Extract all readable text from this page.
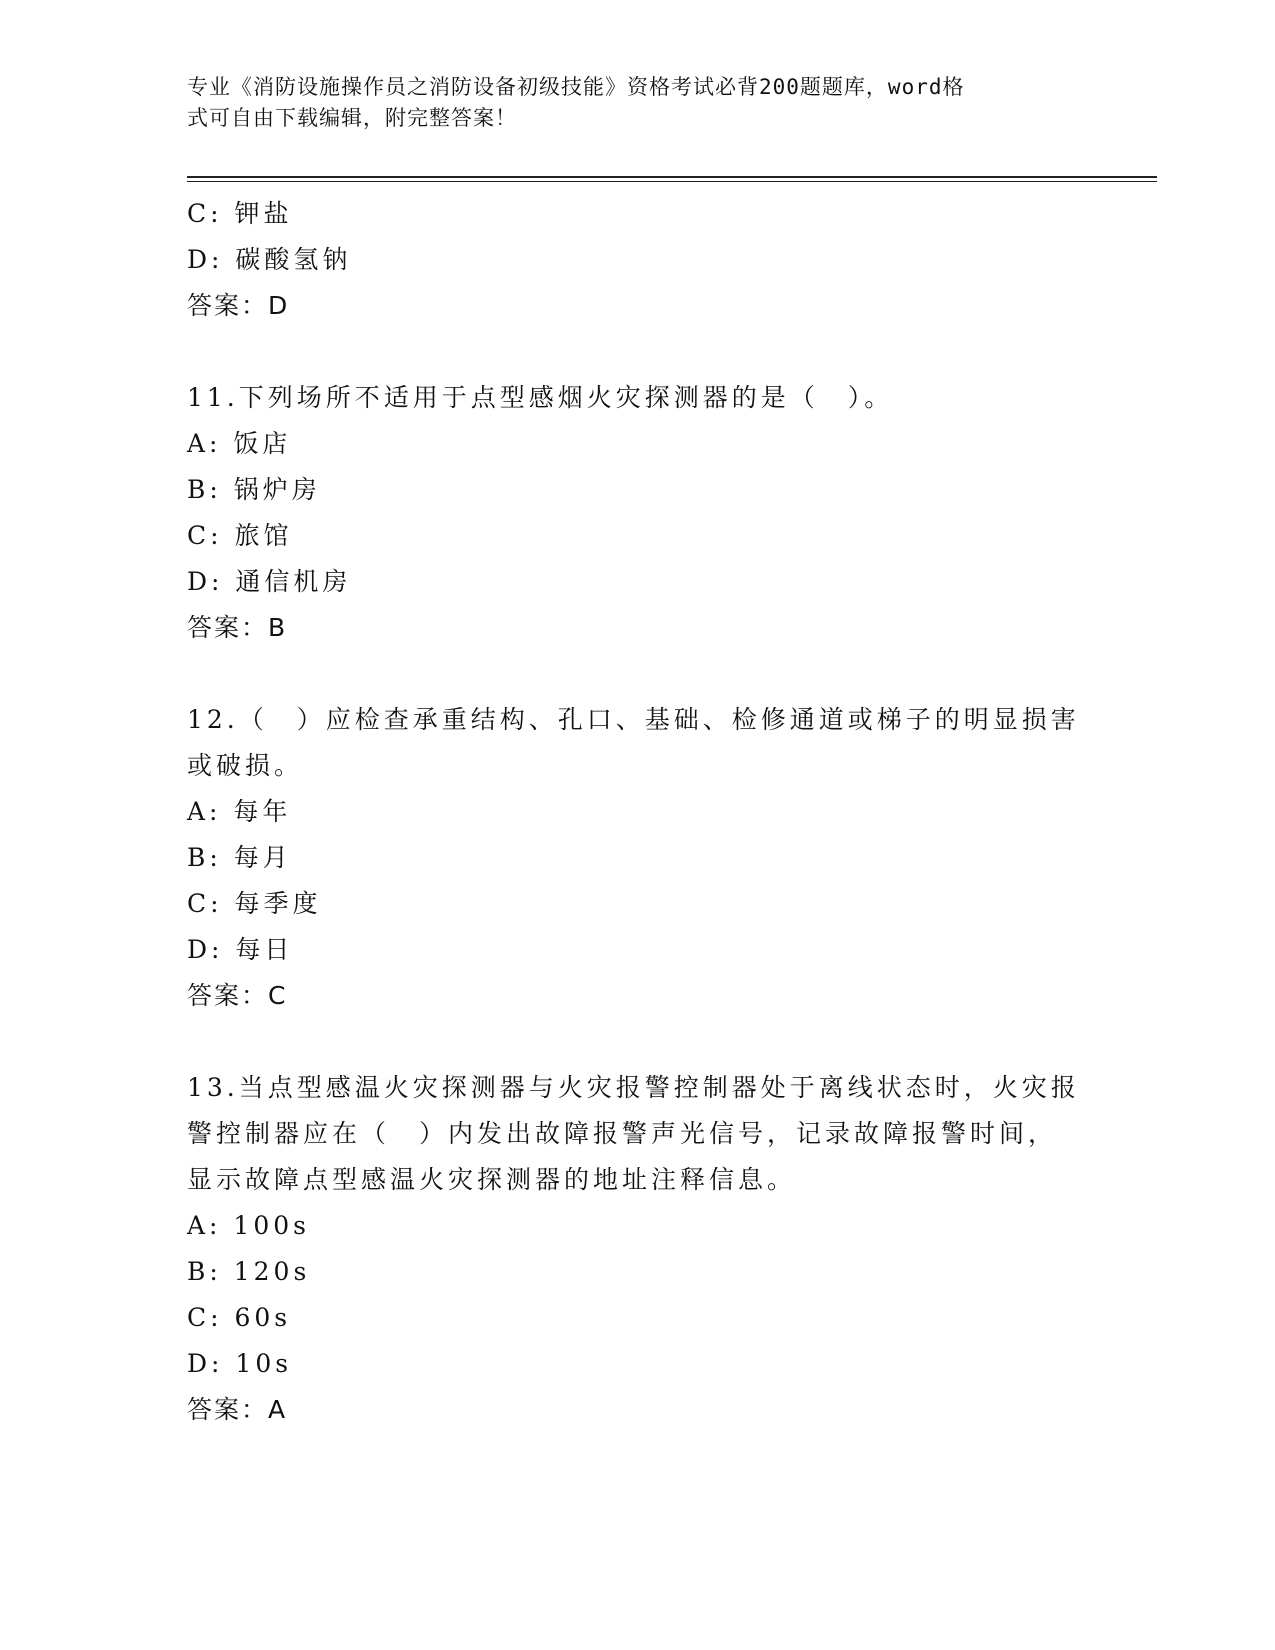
专业《消防设施操作员之消防设备初级技能》资格考试必背200题题库，word格
式可自由下载编辑，附完整答案！
C: 钾盐
D: 碳酸氢钠
答案：D
11.下列场所不适用于点型感烟火灾探测器的是（　）。
A: 饭店
B: 锅炉房
C: 旅馆
D: 通信机房
答案：B
12.（　）应检查承重结构、孔口、基础、检修通道或梯子的明显损害
或破损。
A: 每年
B: 每月
C: 每季度
D: 每日
答案：C
13.当点型感温火灾探测器与火灾报警控制器处于离线状态时，火灾报
警控制器应在（　）内发出故障报警声光信号，记录故障报警时间，
显示故障点型感温火灾探测器的地址注释信息。
A: 100s
B: 120s
C: 60s
D: 10s
答案：A
